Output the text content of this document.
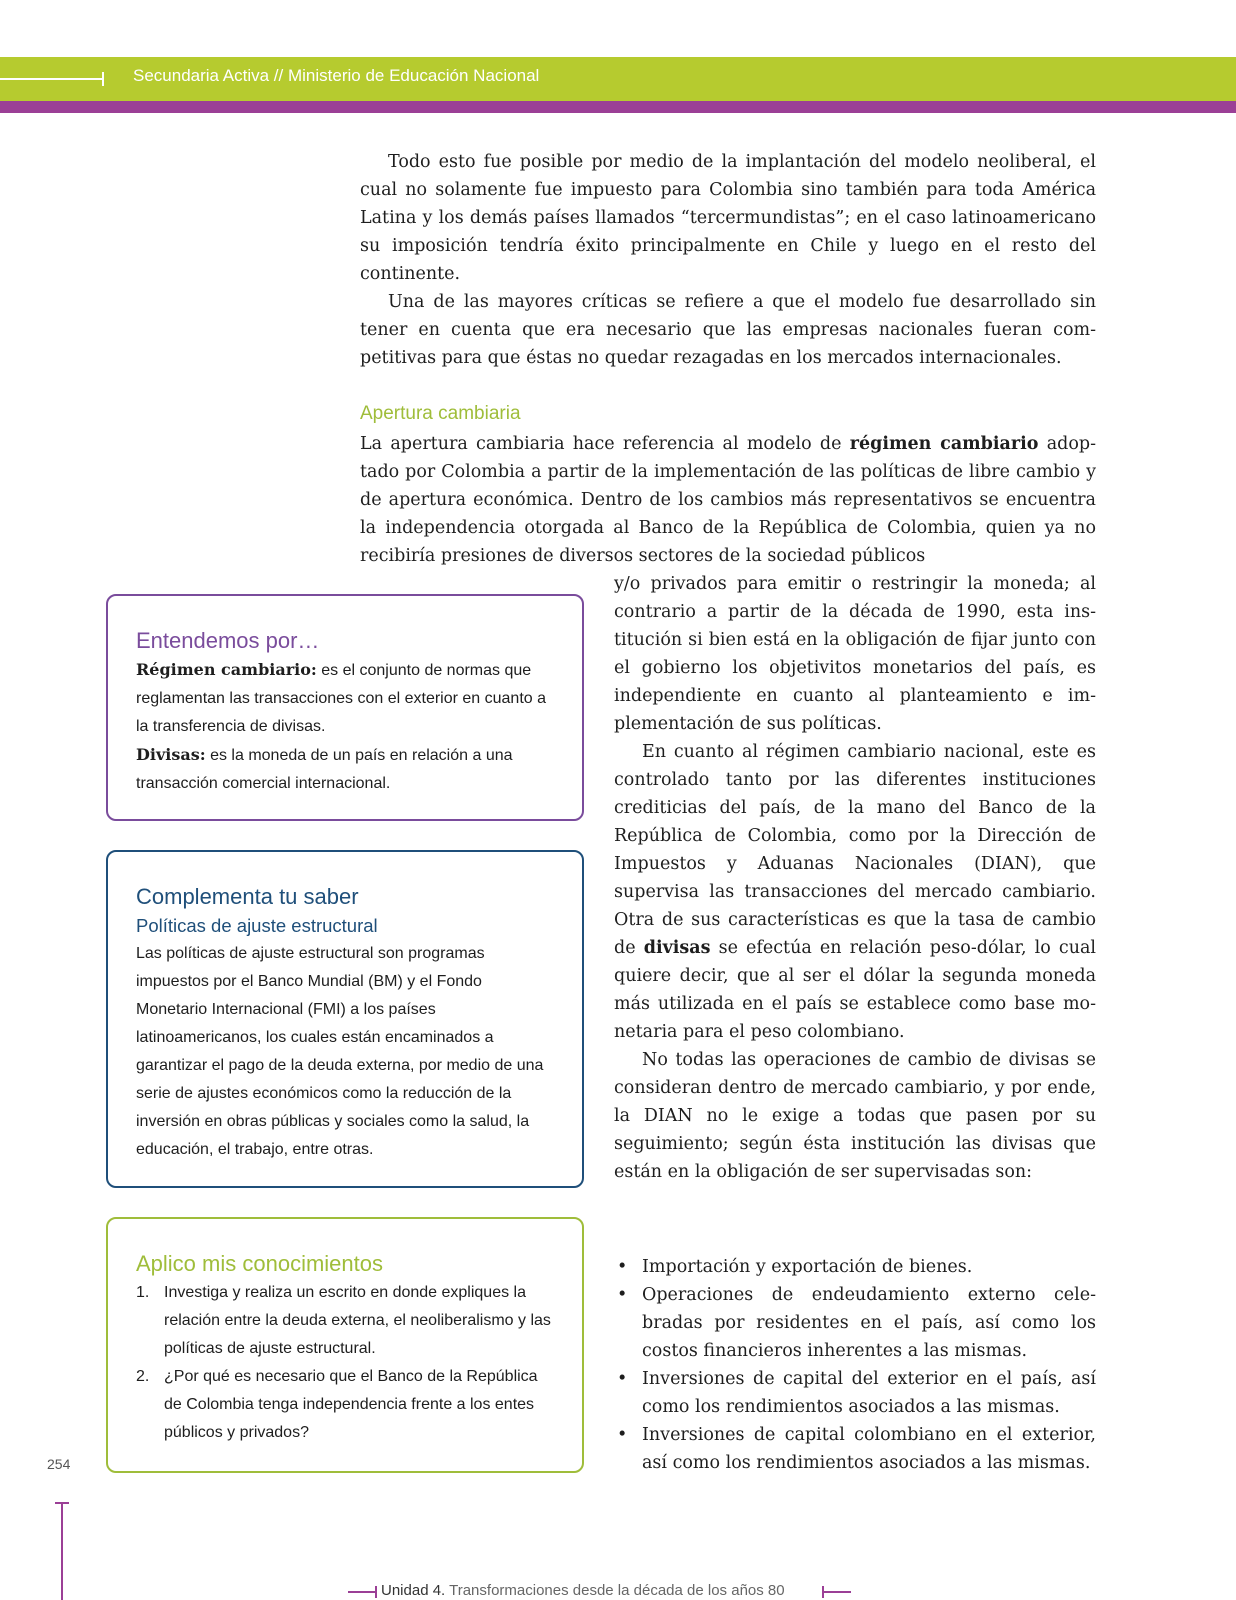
Secundaria Activa // Ministerio de Educación Nacional

Todo esto fue posible por medio de la implantación del modelo neoliberal, el cual no solamente fue impuesto para Colombia sino también para toda América Latina y los demás países llamados “tercermundistas”; en el caso latinoamericano su imposición tendría éxito principalmente en Chile y luego en el resto del continente.

Una de las mayores críticas se refiere a que el modelo fue desarrollado sin tener en cuenta que era necesario que las empresas nacionales fueran competitivas para que éstas no quedar rezagadas en los mercados internacionales.

Apertura cambiaria

La apertura cambiaria hace referencia al modelo de régimen cambiario adoptado por Colombia a partir de la implementación de las políticas de libre cambio y de apertura económica. Dentro de los cambios más representativos se encuentra la independencia otorgada al Banco de la República de Colombia, quien ya no recibiría presiones de diversos sectores de la sociedad públicos

y/o privados para emitir o restringir la moneda; al contrario a partir de la década de 1990, esta institución si bien está en la obligación de fijar junto con el gobierno los objetivitos monetarios del país, es independiente en cuanto al planteamiento e implementación de sus políticas.

En cuanto al régimen cambiario nacional, este es controlado tanto por las diferentes instituciones crediticias del país, de la mano del Banco de la República de Colombia, como por la Dirección de Impuestos y Aduanas Nacionales (DIAN), que supervisa las transacciones del mercado cambiario. Otra de sus características es que la tasa de cambio de divisas se efectúa en relación peso-dólar, lo cual quiere decir, que al ser el dólar la segunda moneda más utilizada en el país se establece como base monetaria para el peso colombiano.

No todas las operaciones de cambio de divisas se consideran dentro de mercado cambiario, y por ende, la DIAN no le exige a todas que pasen por su seguimiento; según ésta institución las divisas que están en la obligación de ser supervisadas son:

• Importación y exportación de bienes.
• Operaciones de endeudamiento externo celebradas por residentes en el país, así como los costos financieros inherentes a las mismas.
• Inversiones de capital del exterior en el país, así como los rendimientos asociados a las mismas.
• Inversiones de capital colombiano en el exterior, así como los rendimientos asociados a las mismas.

Entendemos por…

Régimen cambiario: es el conjunto de normas que reglamentan las transacciones con el exterior en cuanto a la transferencia de divisas.

Divisas: es la moneda de un país en relación a una transacción comercial internacional.

Complementa tu saber

Políticas de ajuste estructural

Las políticas de ajuste estructural son programas impuestos por el Banco Mundial (BM) y el Fondo Monetario Internacional (FMI) a los países latinoamericanos, los cuales están encaminados a garantizar el pago de la deuda externa, por medio de una serie de ajustes económicos como la reducción de la inversión en obras públicas y sociales como la salud, la educación, el trabajo, entre otras.

Aplico mis conocimientos

1. Investiga y realiza un escrito en donde expliques la relación entre la deuda externa, el neoliberalismo y las políticas de ajuste estructural.
2. ¿Por qué es necesario que el Banco de la República de Colombia tenga independencia frente a los entes públicos y privados?
254
Unidad 4. Transformaciones desde la década de los años 80
